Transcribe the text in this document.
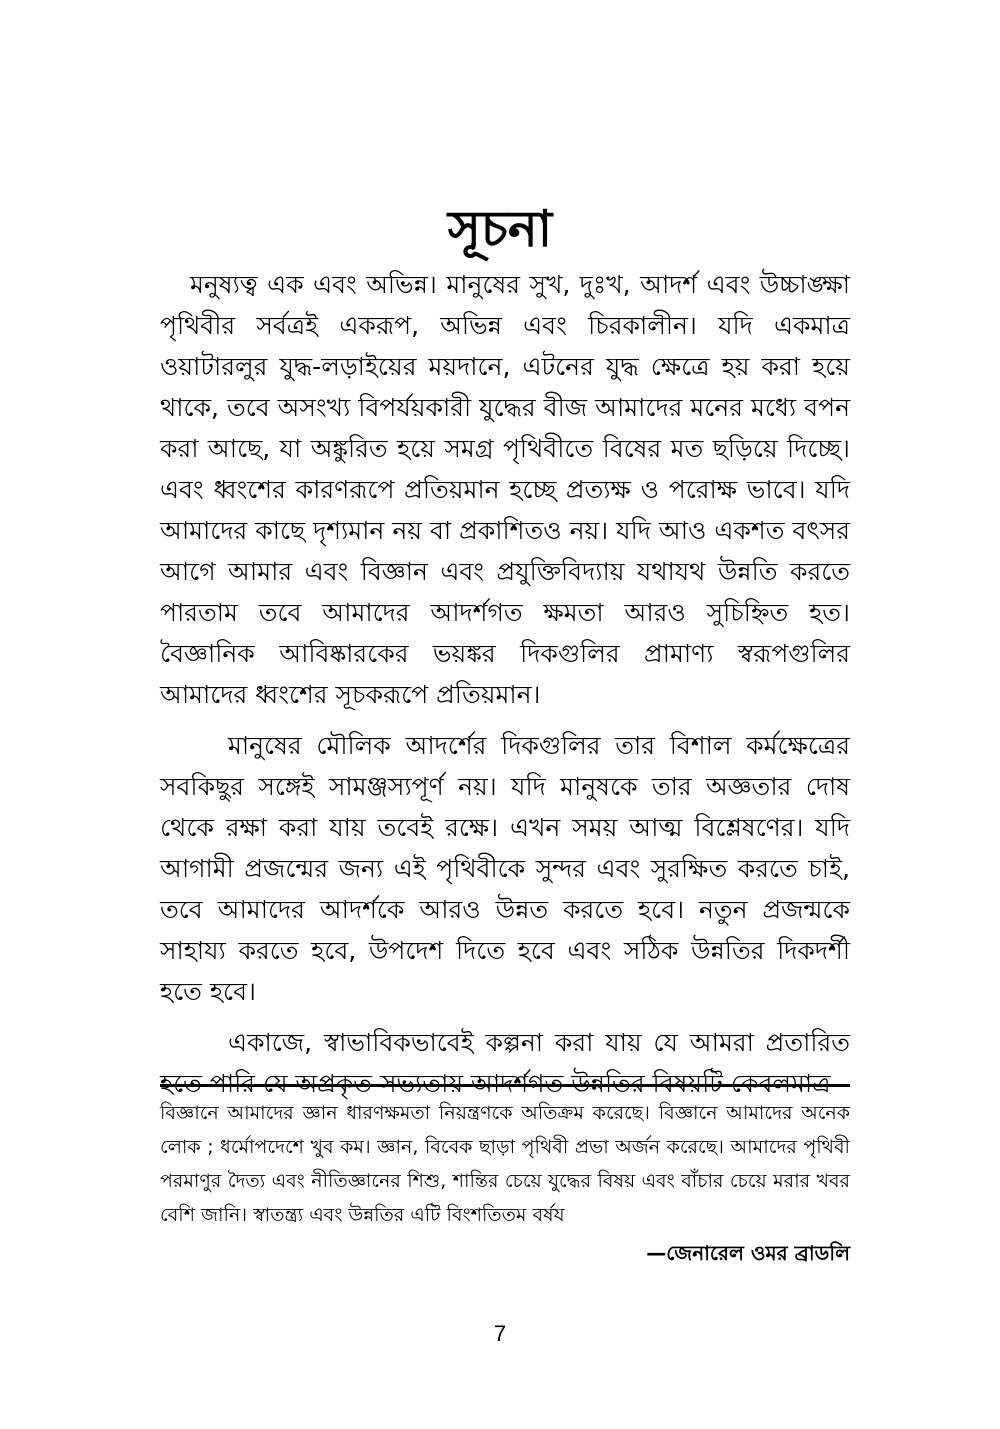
সূচনা

মনুষ্যত্ব এক এবং অভিন্ন। মানুষের সুখ, দুঃখ, আদর্শ এবং উচ্চাঙ্ক্ষা পৃথিবীর সর্বত্রই একরূপ, অভিন্ন এবং চিরকালীন। যদি একমাত্র ওয়াটারলুর যুদ্ধ-লড়াইয়ের ময়দানে, এটনের যুদ্ধ ক্ষেত্রে হয় করা হয়ে থাকে, তবে অসংখ্য বিপর্যয়কারী যুদ্ধের বীজ আমাদের মনের মধ্যে বপন করা আছে, যা অঙ্কুরিত হয়ে সমগ্র পৃথিবীতে বিষের মত ছড়িয়ে দিচ্ছে। এবং ধ্বংশের কারণরূপে প্রতিয়মান হচ্ছে প্রত্যক্ষ ও পরোক্ষ ভাবে। যদি আমাদের কাছে দৃশ্যমান নয় বা প্রকাশিতও নয়। যদি আও একশত বৎসর আগে আমার এবং বিজ্ঞান এবং প্রযুক্তিবিদ্যায় যথাযথ উন্নতি করতে পারতাম তবে আমাদের আদর্শগত ক্ষমতা আরও সুচিহ্নিত হত। বৈজ্ঞানিক আবিষ্কারকের ভয়ঙ্কর দিকগুলির প্রামাণ্য স্বরূপগুলির আমাদের ধ্বংশের সূচকরূপে প্রতিয়মান।

মানুষের মৌলিক আদর্শের দিকগুলির তার বিশাল কর্মক্ষেত্রের সবকিছুর সঙ্গেই সামঞ্জস্যপূর্ণ নয়। যদি মানুষকে তার অজ্ঞতার দোষ থেকে রক্ষা করা যায় তবেই রক্ষে। এখন সময় আত্ম বিশ্লেষণের। যদি আগামী প্রজন্মের জন্য এই পৃথিবীকে সুন্দর এবং সুরক্ষিত করতে চাই, তবে আমাদের আদর্শকে আরও উন্নত করতে হবে। নতুন প্রজন্মকে সাহায্য করতে হবে, উপদেশ দিতে হবে এবং সঠিক উন্নতির দিকদর্শী হতে হবে।

একাজে, স্বাভাবিকভাবেই কল্পনা করা যায় যে আমরা প্রতারিত হতে পারি যে অপ্রকৃত সভ্যতায় আদর্শগত উন্নতির বিষয়টি কেবলমাত্র

বিজ্ঞানে আমাদের জ্ঞান ধারণক্ষমতা নিয়ন্ত্রণকে অতিক্রম করেছে। বিজ্ঞানে আমাদের অনেক লোক ; ধর্মোপদেশে খুব কম। জ্ঞান, বিবেক ছাড়া পৃথিবী প্রভা অর্জন করেছে। আমাদের পৃথিবী পরমাণুর দৈত্য এবং নীতিজ্ঞানের শিশু, শান্তির চেয়ে যুদ্ধের বিষয় এবং বাঁচার চেয়ে মরার খবর বেশি জানি। স্বাতন্ত্র্য এবং উন্নতির এটি বিংশতিতম বর্ষয

—জেনারেল ওমর ব্রাডলি
7
